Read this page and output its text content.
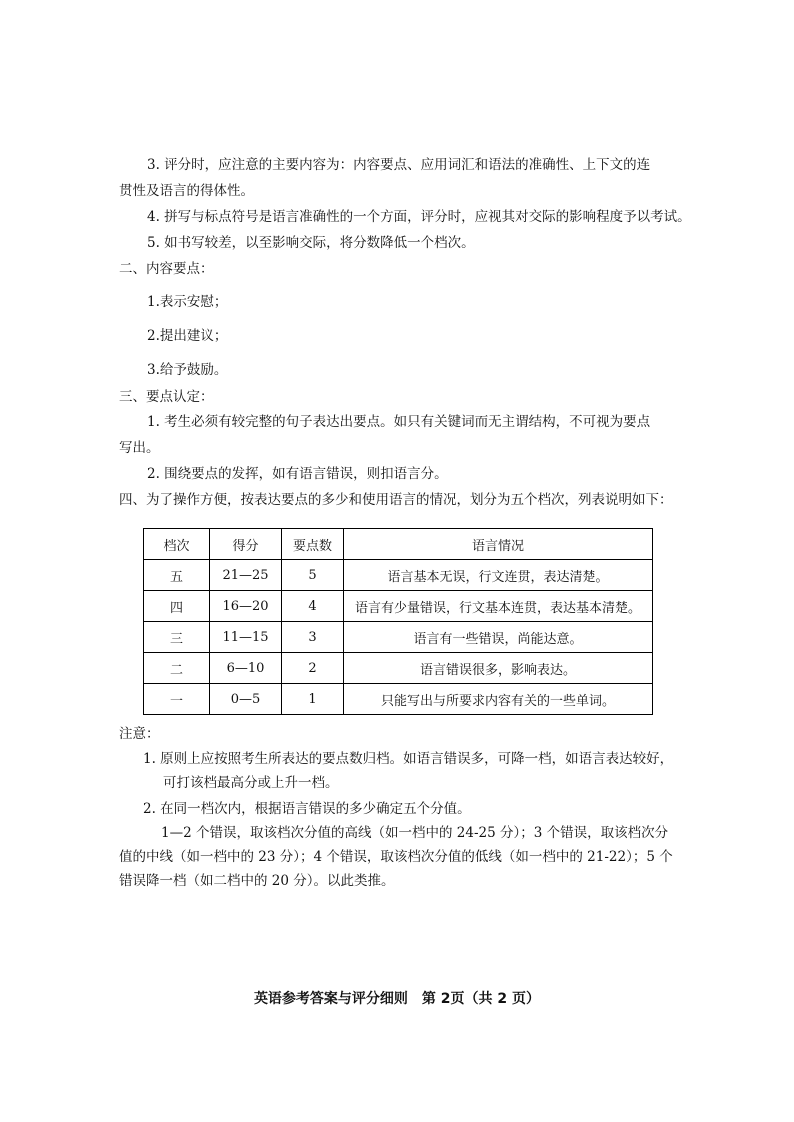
3. 评分时，应注意的主要内容为：内容要点、应用词汇和语法的准确性、上下文的连
贯性及语言的得体性。
4. 拼写与标点符号是语言准确性的一个方面，评分时，应视其对交际的影响程度予以考试。
5. 如书写较差，以至影响交际，将分数降低一个档次。
二、内容要点：
1.表示安慰；
2.提出建议；
3.给予鼓励。
三、要点认定：
1. 考生必须有较完整的句子表达出要点。如只有关键词而无主谓结构，不可视为要点
写出。
2. 围绕要点的发挥，如有语言错误，则扣语言分。
四、为了操作方便，按表达要点的多少和使用语言的情况，划分为五个档次，列表说明如下：
档次	得分	要点数	语言情况
五	21—25	5	语言基本无误，行文连贯，表达清楚。
四	16—20	4	语言有少量错误，行文基本连贯，表达基本清楚。
三	11—15	3	语言有一些错误，尚能达意。
二	6—10	2	语言错误很多，影响表达。
一	0—5	1	只能写出与所要求内容有关的一些单词。
注意：
1. 原则上应按照考生所表达的要点数归档。如语言错误多，可降一档，如语言表达较好，
可打该档最高分或上升一档。
2. 在同一档次内，根据语言错误的多少确定五个分值。
1—2 个错误，取该档次分值的高线（如一档中的 24-25 分）；3 个错误，取该档次分
值的中线（如一档中的 23 分）；4 个错误，取该档次分值的低线（如一档中的 21-22）；5 个
错误降一档（如二档中的 20 分）。以此类推。
英语参考答案与评分细则　第 2页（共 2 页）
